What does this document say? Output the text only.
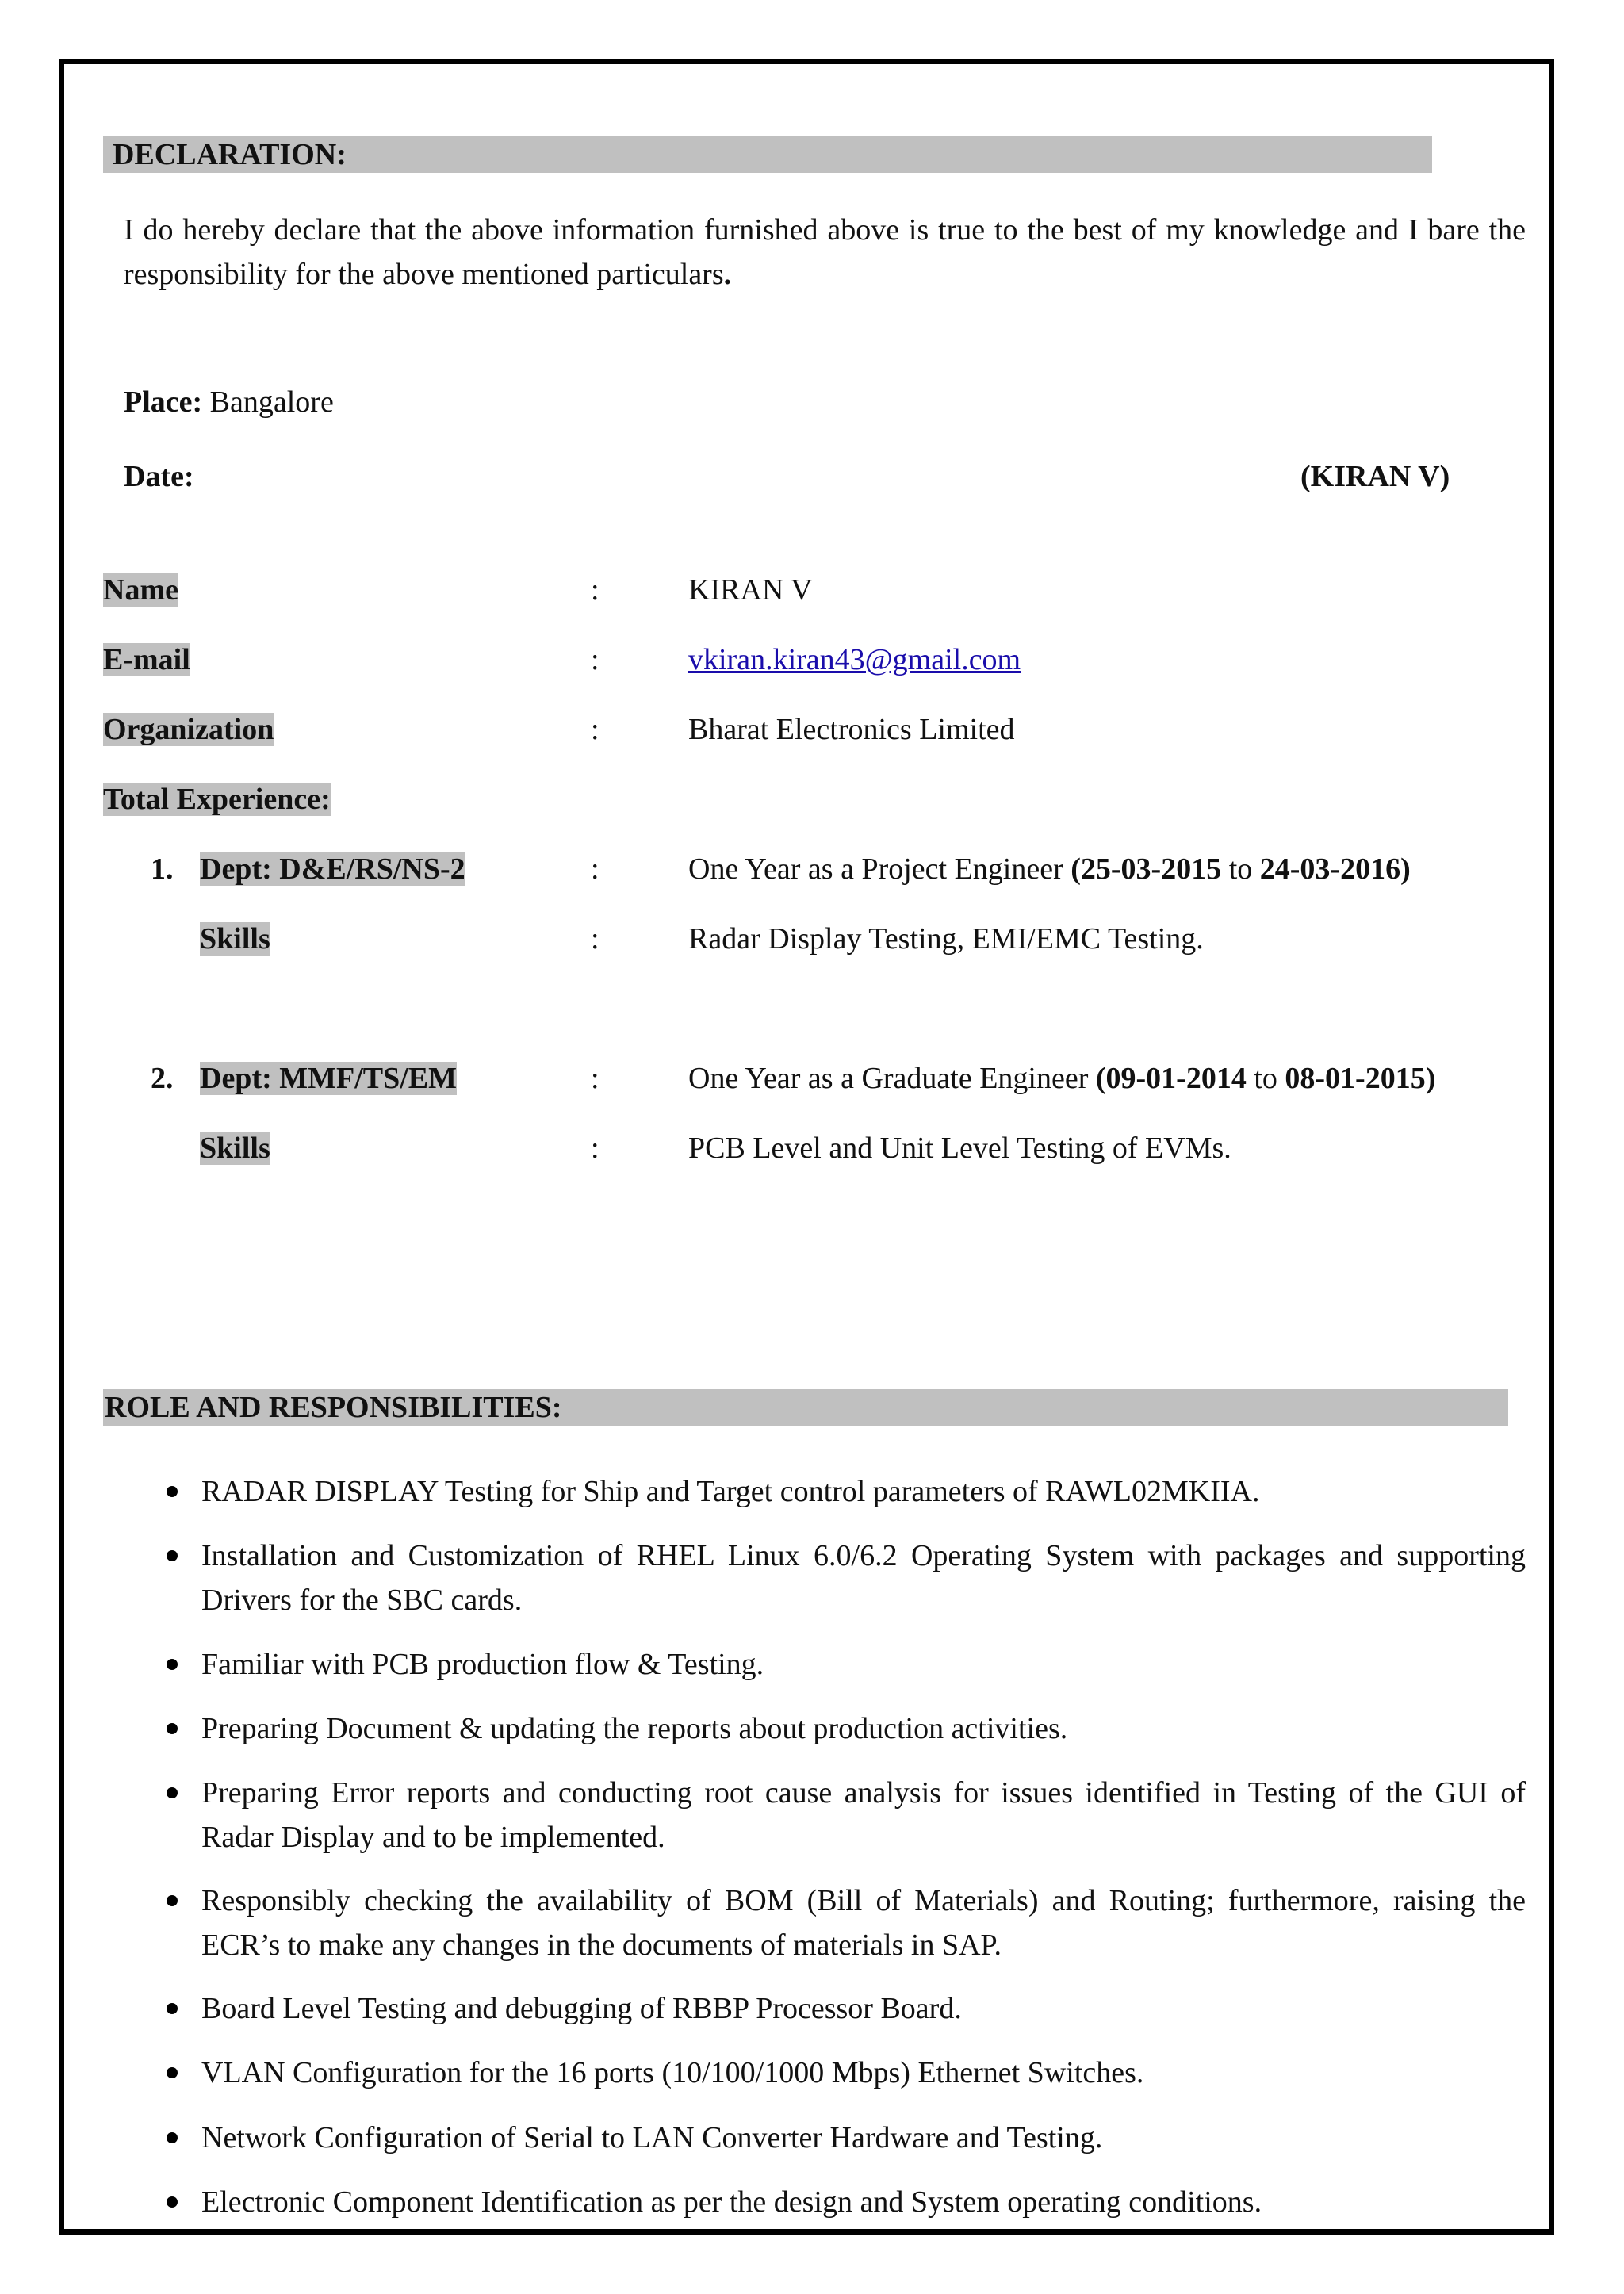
DECLARATION:
I do hereby declare that the above information furnished above is true to the best of my knowledge and I bare the responsibility for the above mentioned particulars.
Place: Bangalore
Date:	(KIRAN V)
Name	:	KIRAN V
E-mail	:	vkiran.kiran43@gmail.com
Organization	:	Bharat Electronics Limited
Total Experience:
1. Dept: D&E/RS/NS-2	:	One Year as a Project Engineer (25-03-2015 to 24-03-2016)
Skills	:	Radar Display Testing, EMI/EMC Testing.
2. Dept: MMF/TS/EM	:	One Year as a Graduate Engineer (09-01-2014 to 08-01-2015)
Skills	:	PCB Level and Unit Level Testing of EVMs.
ROLE AND RESPONSIBILITIES:
RADAR DISPLAY Testing for Ship and Target control parameters of RAWL02MKIIA.
Installation and Customization of RHEL Linux 6.0/6.2 Operating System with packages and supporting Drivers for the SBC cards.
Familiar with PCB production flow & Testing.
Preparing Document & updating the reports about production activities.
Preparing Error reports and conducting root cause analysis for issues identified in Testing of the GUI of Radar Display and to be implemented.
Responsibly checking the availability of BOM (Bill of Materials) and Routing; furthermore, raising the ECR’s to make any changes in the documents of materials in SAP.
Board Level Testing and debugging of RBBP Processor Board.
VLAN Configuration for the 16 ports (10/100/1000 Mbps) Ethernet Switches.
Network Configuration of Serial to LAN Converter Hardware and Testing.
Electronic Component Identification as per the design and System operating conditions.
